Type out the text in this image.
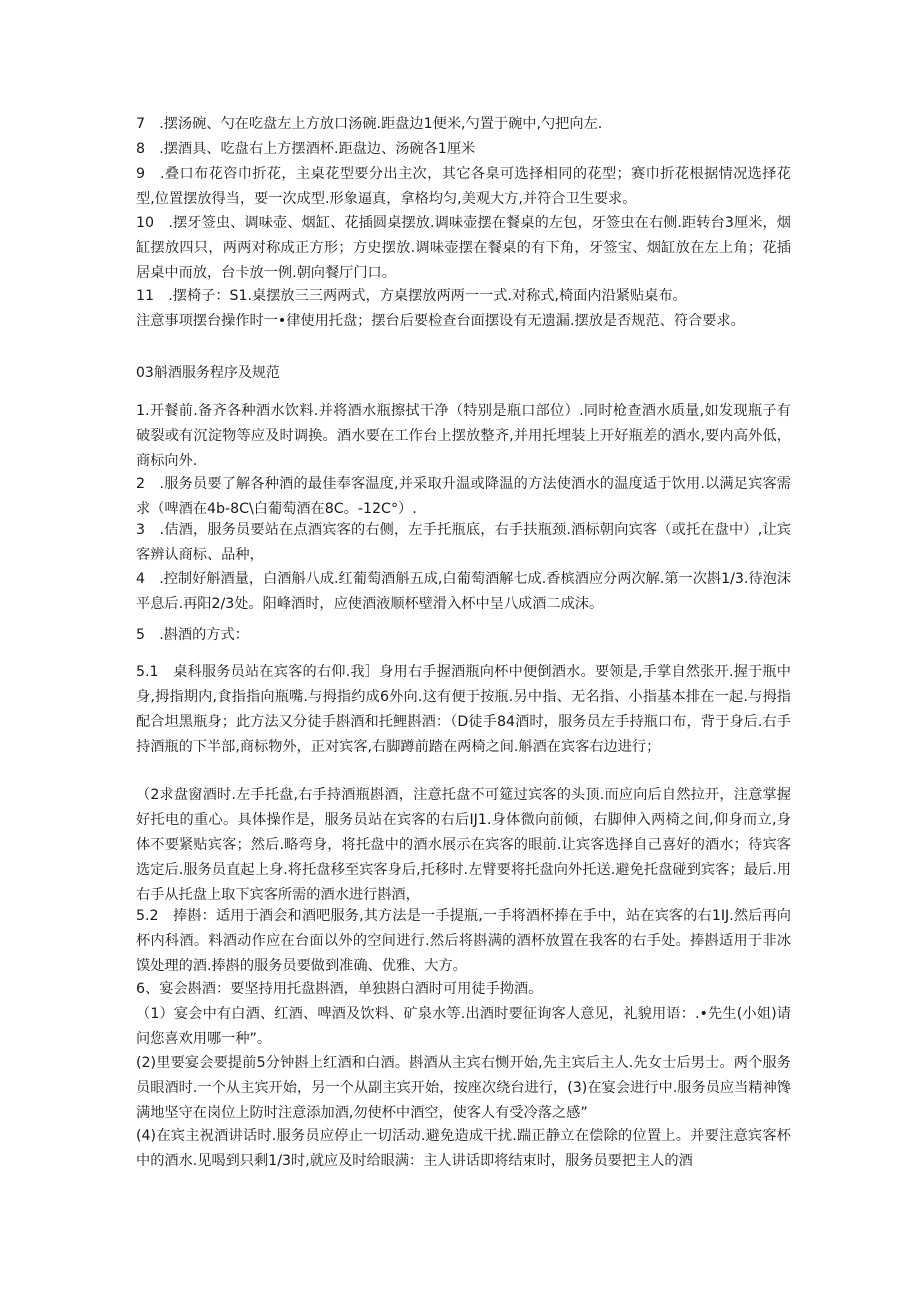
7　.摆汤碗、勺在吃盘左上方放口汤碗.距盘边1便米,勺置于碗中,勺把向左.

8　.摆酒具、吃盘右上方摆酒杯.距盘边、汤碗各1厘米

9　.叠口布花咨巾折花，主桌花型要分出主次，其它各臬可选择相同的花型；赛巾折花根据情况选择花型,位置摆放得当，要一次成型.形象逼真，拿格均匀,美观大方,并符合卫生要求。

10　.摆牙签虫、调味壶、烟缸、花插圆桌摆放.调味壶摆在餐桌的左包，牙签虫在右侧.距转台3厘米，烟缸摆放四只，两两对称成正方形；方史摆放.调味壶摆在餐桌的有下角，牙签宝、烟缸放在左上角；花插居桌中而放，台卡放一例.朝向餐厅门口。

11　.摆椅子：S1.桌摆放三三两两式，方桌摆放两两一一式.对称式,椅面内沿紧贴桌布。

注意事项摆台操作时一•律使用托盘；摆台后要检查台面摆设有无遗漏.摆放是否规范、符合要求。

03斛酒服务程序及规范

1.开餐前.备齐各种酒水饮料.并将酒水瓶擦拭干净（特别是瓶口部位）.同时枪查酒水质量,如发现瓶子有破裂或有沉淀物等应及时调换。酒水要在工作台上摆放整齐,并用托埋装上开好瓶差的酒水,要内高外低，商标向外.

2　.服务员要了解各种酒的最佳奉客温度,并采取升温或降温的方法使酒水的温度适于饮用.以满足宾客需求（啤酒在4b-8C\白葡萄酒在8C。-12C°）.

3　.佶酒，服务员要站在点酒宾客的右侧，左手托瓶底，右手扶瓶颈.酒标朝向宾客（或托在盘中）,让宾客辨认商标、品种，

4　.控制好斛酒量，白酒斛八成.红葡萄酒斛五成,白葡萄酒解七成.香槟酒应分两次解.第一次斟1/3.待泡沫平息后.再阳2/3处。阳峰酒时，应使酒液顺杯壁滑入杯中呈八成酒二成沫。

5　.斟酒的方式：

5.1　桌科服务员站在宾客的右仰.我］身用右手握酒瓶向杯中便倒酒水。要领是,手掌自然张开.握于瓶中身,拇指期内,食指指向瓶嘴.与拇指约成6外向.这有便于按瓶.另中指、无名指、小指基本排在一起.与拇指配合坦黑瓶身；此方法又分徒手斟酒和托鲤斟酒：（D徒手84酒时，服务员左手持瓶口布，背于身后.右手持酒瓶的下半部,商标物外，正对宾客,右脚蹲前踏在两椅之间.斛酒在宾客右边进行；

（2求盘窗酒时.左手托盘,右手持酒瓶斟酒，注意托盘不可筵过宾客的头顶.而应向后自然拉开，注意掌握好托电的重心。具体操作是，服务员站在宾客的右后IJ1.身体微向前倾，右脚伸入两椅之间,仰身而立,身体不要紧贴宾客；然后.略弯身，将托盘中的酒水展示在宾客的眼前.让宾客选择自己喜好的酒水；待宾客选定后.服务员直起上身.将托盘移至宾客身后,托移时.左臂要将托盘向外托送.避免托盘碰到宾客；最后.用右手从托盘上取下宾客所需的酒水进行斟酒，

5.2　捧斟：适用于酒会和酒吧服务,其方法是一手提瓶,一手将酒杯捧在手中，站在宾客的右1IJ.然后再向杯内科酒。料酒动作应在台面以外的空间进行.然后将斟满的酒杯放置在我客的右手处。捧斟适用于非冰馍处理的酒.捧斟的服务员要做到准确、优雅、大方。

6、宴会斟酒：要坚持用托盘斟酒，单独斟白酒时可用徒手拗酒。

（1）宴会中有白酒、红酒、啤酒及饮料、矿泉水等.出酒时要征询客人意见，礼貌用语：.•先生(小姐)请问您喜欢用哪一种”。

(2)里要宴会要提前5分钟斟上红酒和白酒。斟酒从主宾右恻开始,先主宾后主人.先女士后男士。两个服务员眼酒时.一个从主宾开始，另一个从副主宾开始，按座次绕台进行，(3)在宴会进行中.服务员应当精神馋满地坚守在岗位上防时注意添加酒,勿使杯中酒空，使客人有受冷落之感”

(4)在宾主祝酒讲话时.服务员应停止一切活动.避免造成干扰.踹正静立在偿除的位置上。并要注意宾客杯中的酒水.见喝到只剩1/3时,就应及时给眼满：主人讲话即将结束时，服务员要把主人的酒
